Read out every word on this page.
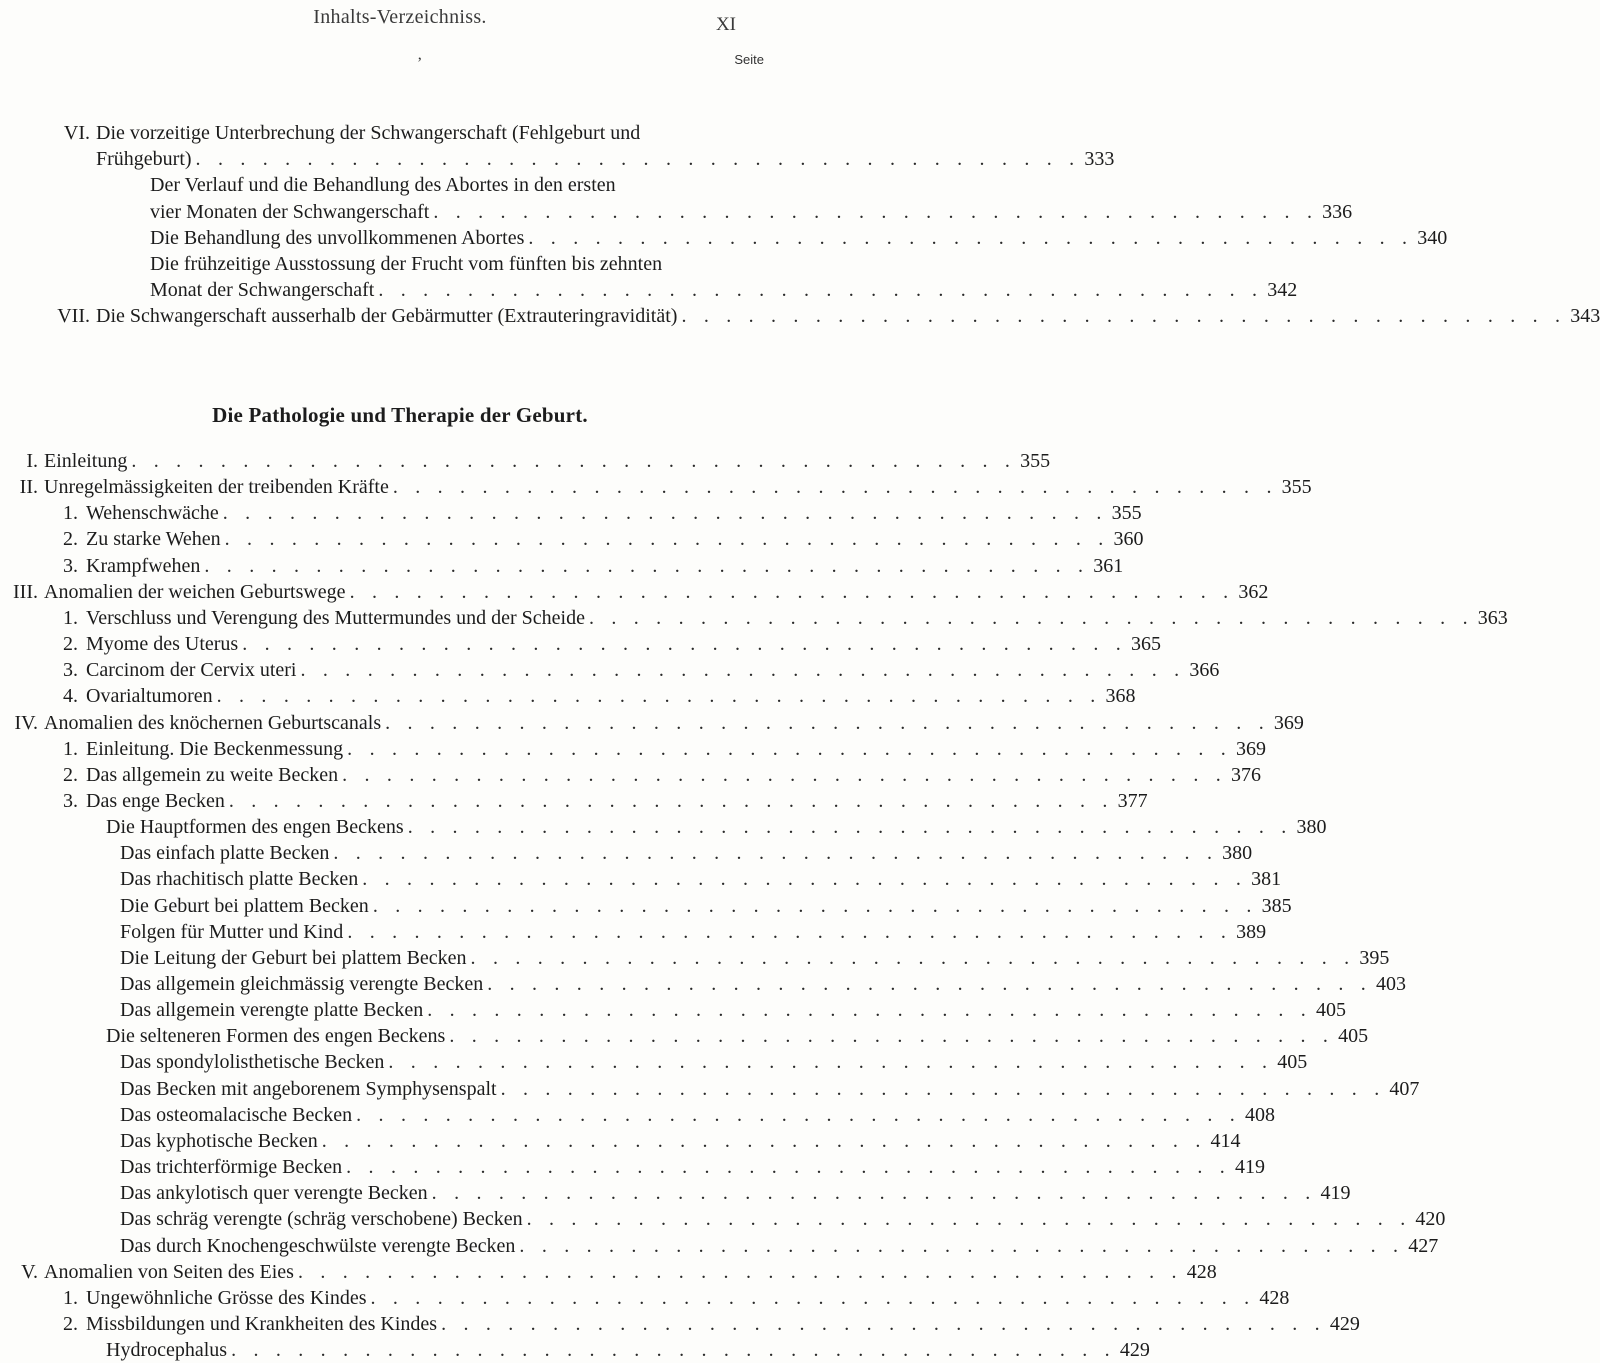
Inhalts-Verzeichniss.	XI
‚	Seite
VI. Die vorzeitige Unterbrechung der Schwangerschaft (Fehlgeburt und
Frühgeburt) . . . . . . . . . . . . . . . . . . . . . . . . . . . . . . . . . . . . . . . . 333
Der Verlauf und die Behandlung des Abortes in den ersten
vier Monaten der Schwangerschaft . . . . . . . . . . . . . . . . . . . . . . . . . . . . . . . . . . . . . . . . 336
Die Behandlung des unvollkommenen Abortes . . . . . . . . . . . . . . . . . . . . . . . . . . . . . . . . . . . . . . . . 340
Die frühzeitige Ausstossung der Frucht vom fünften bis zehnten
Monat der Schwangerschaft . . . . . . . . . . . . . . . . . . . . . . . . . . . . . . . . . . . . . . . . 342
VII. Die Schwangerschaft ausserhalb der Gebärmutter (Extrauteringravidität) . . . . . . . . . . . . . . . . . . . . . . . . . . . . . . . . . . . . . . . . 343
Die Pathologie und Therapie der Geburt.
I. Einleitung . . . . . . . . . . . . . . . . . . . . . . . . . . . . . . . . . . . . . . . . 355
II. Unregelmässigkeiten der treibenden Kräfte . . . . . . . . . . . . . . . . . . . . . . . . . . . . . . . . . . . . . . . . 355
1. Wehenschwäche . . . . . . . . . . . . . . . . . . . . . . . . . . . . . . . . . . . . . . . . 355
2. Zu starke Wehen . . . . . . . . . . . . . . . . . . . . . . . . . . . . . . . . . . . . . . . . 360
3. Krampfwehen . . . . . . . . . . . . . . . . . . . . . . . . . . . . . . . . . . . . . . . . 361
III. Anomalien der weichen Geburtswege . . . . . . . . . . . . . . . . . . . . . . . . . . . . . . . . . . . . . . . . 362
1. Verschluss und Verengung des Muttermundes und der Scheide . . . . . . . . . . . . . . . . . . . . . . . . . . . . . . . . . . . . . . . . 363
2. Myome des Uterus . . . . . . . . . . . . . . . . . . . . . . . . . . . . . . . . . . . . . . . . 365
3. Carcinom der Cervix uteri . . . . . . . . . . . . . . . . . . . . . . . . . . . . . . . . . . . . . . . . 366
4. Ovarialtumoren . . . . . . . . . . . . . . . . . . . . . . . . . . . . . . . . . . . . . . . . 368
IV. Anomalien des knöchernen Geburtscanals . . . . . . . . . . . . . . . . . . . . . . . . . . . . . . . . . . . . . . . . 369
1. Einleitung. Die Beckenmessung . . . . . . . . . . . . . . . . . . . . . . . . . . . . . . . . . . . . . . . . 369
2. Das allgemein zu weite Becken . . . . . . . . . . . . . . . . . . . . . . . . . . . . . . . . . . . . . . . . 376
3. Das enge Becken . . . . . . . . . . . . . . . . . . . . . . . . . . . . . . . . . . . . . . . . 377
Die Hauptformen des engen Beckens . . . . . . . . . . . . . . . . . . . . . . . . . . . . . . . . . . . . . . . . 380
Das einfach platte Becken . . . . . . . . . . . . . . . . . . . . . . . . . . . . . . . . . . . . . . . . 380
Das rhachitisch platte Becken . . . . . . . . . . . . . . . . . . . . . . . . . . . . . . . . . . . . . . . . 381
Die Geburt bei plattem Becken . . . . . . . . . . . . . . . . . . . . . . . . . . . . . . . . . . . . . . . . 385
Folgen für Mutter und Kind . . . . . . . . . . . . . . . . . . . . . . . . . . . . . . . . . . . . . . . . 389
Die Leitung der Geburt bei plattem Becken . . . . . . . . . . . . . . . . . . . . . . . . . . . . . . . . . . . . . . . . 395
Das allgemein gleichmässig verengte Becken . . . . . . . . . . . . . . . . . . . . . . . . . . . . . . . . . . . . . . . . 403
Das allgemein verengte platte Becken . . . . . . . . . . . . . . . . . . . . . . . . . . . . . . . . . . . . . . . . 405
Die selteneren Formen des engen Beckens . . . . . . . . . . . . . . . . . . . . . . . . . . . . . . . . . . . . . . . . 405
Das spondylolisthetische Becken . . . . . . . . . . . . . . . . . . . . . . . . . . . . . . . . . . . . . . . . 405
Das Becken mit angeborenem Symphysenspalt . . . . . . . . . . . . . . . . . . . . . . . . . . . . . . . . . . . . . . . . 407
Das osteomalacische Becken . . . . . . . . . . . . . . . . . . . . . . . . . . . . . . . . . . . . . . . . 408
Das kyphotische Becken . . . . . . . . . . . . . . . . . . . . . . . . . . . . . . . . . . . . . . . . 414
Das trichterförmige Becken . . . . . . . . . . . . . . . . . . . . . . . . . . . . . . . . . . . . . . . . 419
Das ankylotisch quer verengte Becken . . . . . . . . . . . . . . . . . . . . . . . . . . . . . . . . . . . . . . . . 419
Das schräg verengte (schräg verschobene) Becken . . . . . . . . . . . . . . . . . . . . . . . . . . . . . . . . . . . . . . . . 420
Das durch Knochengeschwülste verengte Becken . . . . . . . . . . . . . . . . . . . . . . . . . . . . . . . . . . . . . . . . 427
V. Anomalien von Seiten des Eies . . . . . . . . . . . . . . . . . . . . . . . . . . . . . . . . . . . . . . . . 428
1. Ungewöhnliche Grösse des Kindes . . . . . . . . . . . . . . . . . . . . . . . . . . . . . . . . . . . . . . . . 428
2. Missbildungen und Krankheiten des Kindes . . . . . . . . . . . . . . . . . . . . . . . . . . . . . . . . . . . . . . . . 429
Hydrocephalus . . . . . . . . . . . . . . . . . . . . . . . . . . . . . . . . . . . . . . . . 429
